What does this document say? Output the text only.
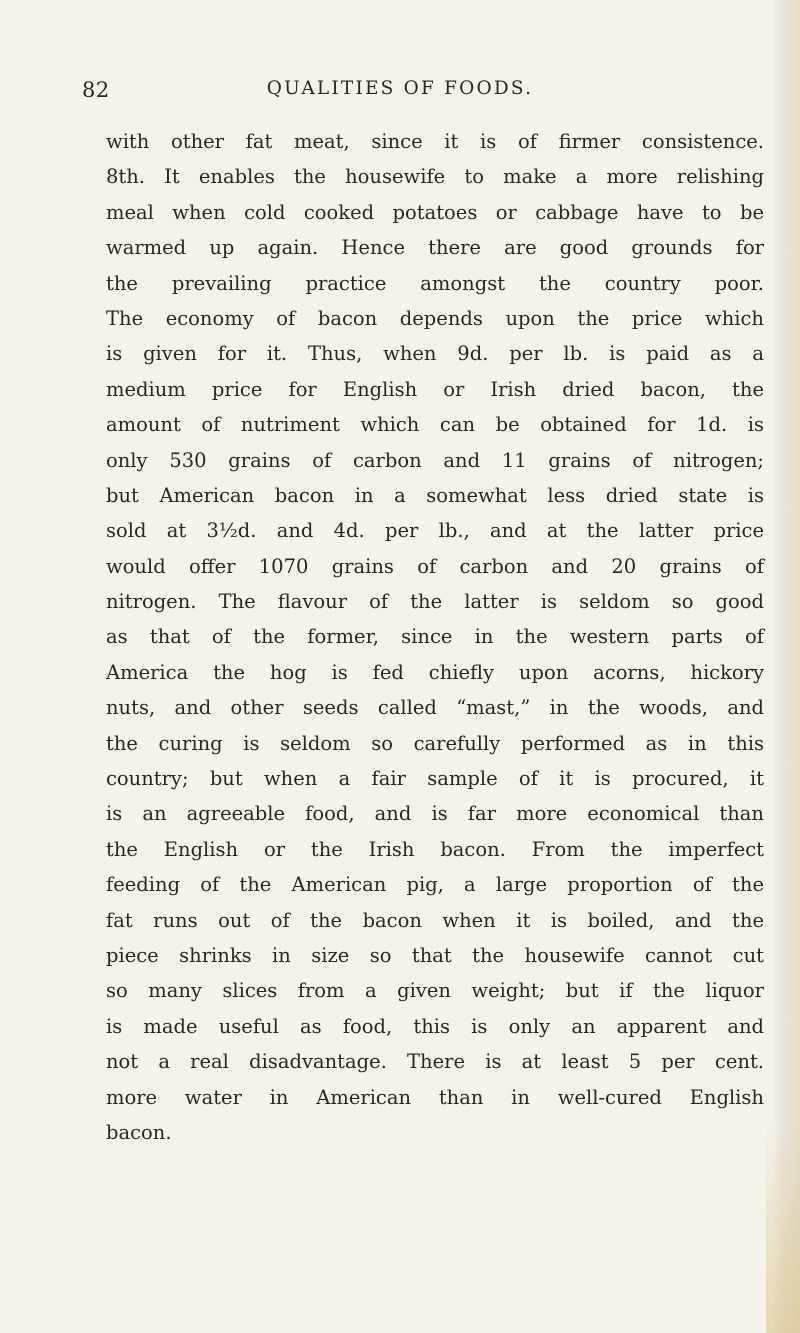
82	QUALITIES OF FOODS.
with other fat meat, since it is of firmer consistence.
8th. It enables the housewife to make a more relishing
meal when cold cooked potatoes or cabbage have to be
warmed up again. Hence there are good grounds for
the prevailing practice amongst the country poor.
The economy of bacon depends upon the price which
is given for it. Thus, when 9d. per lb. is paid as a
medium price for English or Irish dried bacon, the
amount of nutriment which can be obtained for 1d. is
only 530 grains of carbon and 11 grains of nitrogen;
but American bacon in a somewhat less dried state is
sold at 3½d. and 4d. per lb., and at the latter price
would offer 1070 grains of carbon and 20 grains of
nitrogen. The flavour of the latter is seldom so good
as that of the former, since in the western parts of
America the hog is fed chiefly upon acorns, hickory
nuts, and other seeds called “mast,” in the woods, and
the curing is seldom so carefully performed as in this
country; but when a fair sample of it is procured, it
is an agreeable food, and is far more economical than
the English or the Irish bacon. From the imperfect
feeding of the American pig, a large proportion of the
fat runs out of the bacon when it is boiled, and the
piece shrinks in size so that the housewife cannot cut
so many slices from a given weight; but if the liquor
is made useful as food, this is only an apparent and
not a real disadvantage. There is at least 5 per cent.
more water in American than in well-cured English
bacon.
